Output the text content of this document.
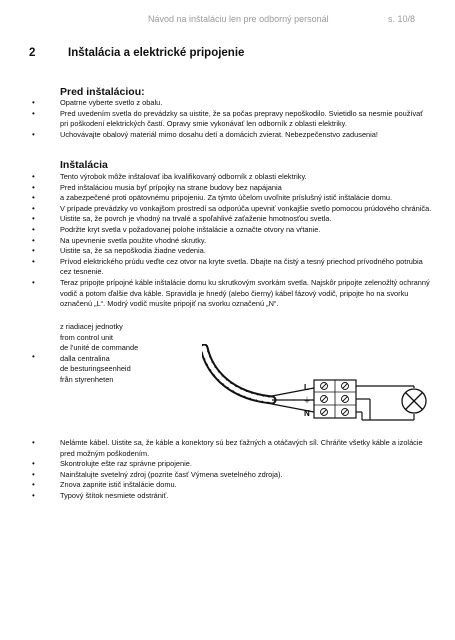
Návod na inštaláciu len pre odborný personál	s. 10/8
2	Inštalácia a elektrické pripojenie
Pred inštaláciou:
• Opatrne vyberte svetlo z obalu.
• Pred uvedením svetla do prevádzky sa uistite, že sa počas prepravy nepoškodilo. Svietidlo sa nesmie používať pri poškodení elektrických častí. Opravy smie vykonávať len odborník z oblasti elektriky.
• Uchovávajte obalový materiál mimo dosahu detí a domácich zvierat. Nebezpečenstvo zadusenia!
Inštalácia
• Tento výrobok môže inštalovať iba kvalifikovaný odborník z oblasti elektriky.
• Pred inštaláciou musia byť prípojky na strane budovy bez napájania
• a zabezpečené proti opätovnému pripojeniu. Za týmto účelom uvoľnite príslušný istič inštalácie domu.
• V prípade prevádzky vo vonkajšom prostredí sa odporúča upevniť vonkajšie svetlo pomocou prúdového chrániča.
• Uistite sa, že povrch je vhodný na trvalé a spoľahlivé zaťaženie hmotnosťou svetla.
• Podržte kryt svetla v požadovanej polohe inštalácie a označte otvory na vŕtanie.
• Na upevnenie svetla použite vhodné skrutky.
• Uistite sa, že sa nepoškodia žiadne vedenia.
• Prívod elektrického prúdu veďte cez otvor na kryte svetla. Dbajte na čistý a tesný priechod prívodného potrubia cez tesnenie.
• Teraz pripojte prípojné káble inštalácie domu ku skrutkovým svorkám svetla. Najskôr pripojte zelenožltý ochranný vodič a potom ďalšie dva káble. Spravidla je hnedý (alebo čierny) kábel fázový vodič, pripojte ho na svorku označenú „L“. Modrý vodič musíte pripojiť na svorku označenú „N“.
•
z riadiacej jednotky
from control unit
de l'unité de commande
dalla centralina
de besturingseenheid
från styrenheten
L
⏚
N
• Nelámte kábel. Uistite sa, že káble a konektory sú bez ťažných a otáčavých síl. Chráňte všetky káble a izolácie pred možným poškodením.
• Skontrolujte ešte raz správne pripojenie.
• Nainštalujte svetelný zdroj (pozrite časť Výmena svetelného zdroja).
• Znova zapnite istič inštalácie domu.
• Typový štítok nesmiete odstrániť.
